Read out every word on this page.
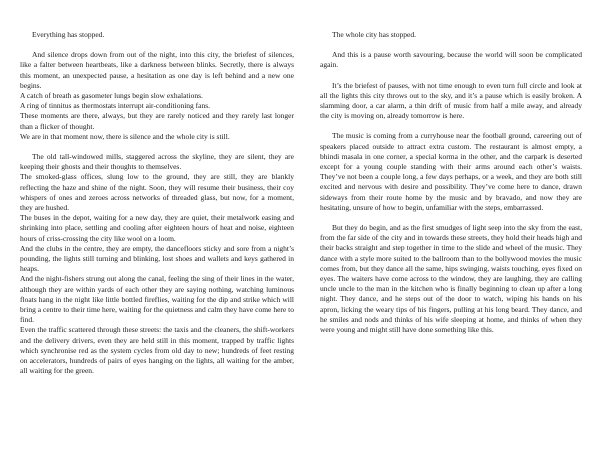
Everything has stopped.

And silence drops down from out of the night, into this city, the briefest of silences, like a falter between heartbeats, like a darkness between blinks. Secretly, there is always this moment, an unexpected pause, a hesitation as one day is left behind and a new one begins.

A catch of breath as gasometer lungs begin slow exhalations.

A ring of tinnitus as thermostats interrupt air-conditioning fans.

These moments are there, always, but they are rarely noticed and they rarely last longer than a flicker of thought.

We are in that moment now, there is silence and the whole city is still.

The old tall-windowed mills, staggered across the skyline, they are silent, they are keeping their ghosts and their thoughts to themselves.

The smoked-glass offices, slung low to the ground, they are still, they are blankly reflecting the haze and shine of the night. Soon, they will resume their business, their coy whispers of ones and zeroes across networks of threaded glass, but now, for a moment, they are hushed.

The buses in the depot, waiting for a new day, they are quiet, their metalwork easing and shrinking into place, settling and cooling after eighteen hours of heat and noise, eighteen hours of criss-crossing the city like wool on a loom.

And the clubs in the centre, they are empty, the dancefloors sticky and sore from a night’s pounding, the lights still turning and blinking, lost shoes and wallets and keys gathered in heaps.

And the night-fishers strung out along the canal, feeling the sing of their lines in the water, although they are within yards of each other they are saying nothing, watching luminous floats hang in the night like little bottled fireflies, waiting for the dip and strike which will bring a centre to their time here, waiting for the quietness and calm they have come here to find.

Even the traffic scattered through these streets: the taxis and the cleaners, the shift-workers and the delivery drivers, even they are held still in this moment, trapped by traffic lights which synchronise red as the system cycles from old day to new; hundreds of feet resting on accelerators, hundreds of pairs of eyes hanging on the lights, all waiting for the amber, all waiting for the green.

The whole city has stopped.

And this is a pause worth savouring, because the world will soon be complicated again.

It’s the briefest of pauses, with not time enough to even turn full circle and look at all the lights this city throws out to the sky, and it’s a pause which is easily broken. A slamming door, a car alarm, a thin drift of music from half a mile away, and already the city is moving on, already tomorrow is here.

The music is coming from a curryhouse near the football ground, careering out of speakers placed outside to attract extra custom. The restaurant is almost empty, a bhindi masala in one corner, a special korma in the other, and the carpark is deserted except for a young couple standing with their arms around each other’s waists. They’ve not been a couple long, a few days perhaps, or a week, and they are both still excited and nervous with desire and possibility. They’ve come here to dance, drawn sideways from their route home by the music and by bravado, and now they are hesitating, unsure of how to begin, unfamiliar with the steps, embarrassed.

But they do begin, and as the first smudges of light seep into the sky from the east, from the far side of the city and in towards these streets, they hold their heads high and their backs straight and step together in time to the slide and wheel of the music. They dance with a style more suited to the ballroom than to the bollywood movies the music comes from, but they dance all the same, hips swinging, waists touching, eyes fixed on eyes. The waiters have come across to the window, they are laughing, they are calling uncle uncle to the man in the kitchen who is finally beginning to clean up after a long night. They dance, and he steps out of the door to watch, wiping his hands on his apron, licking the weary tips of his fingers, pulling at his long beard. They dance, and he smiles and nods and thinks of his wife sleeping at home, and thinks of when they were young and might still have done something like this.
